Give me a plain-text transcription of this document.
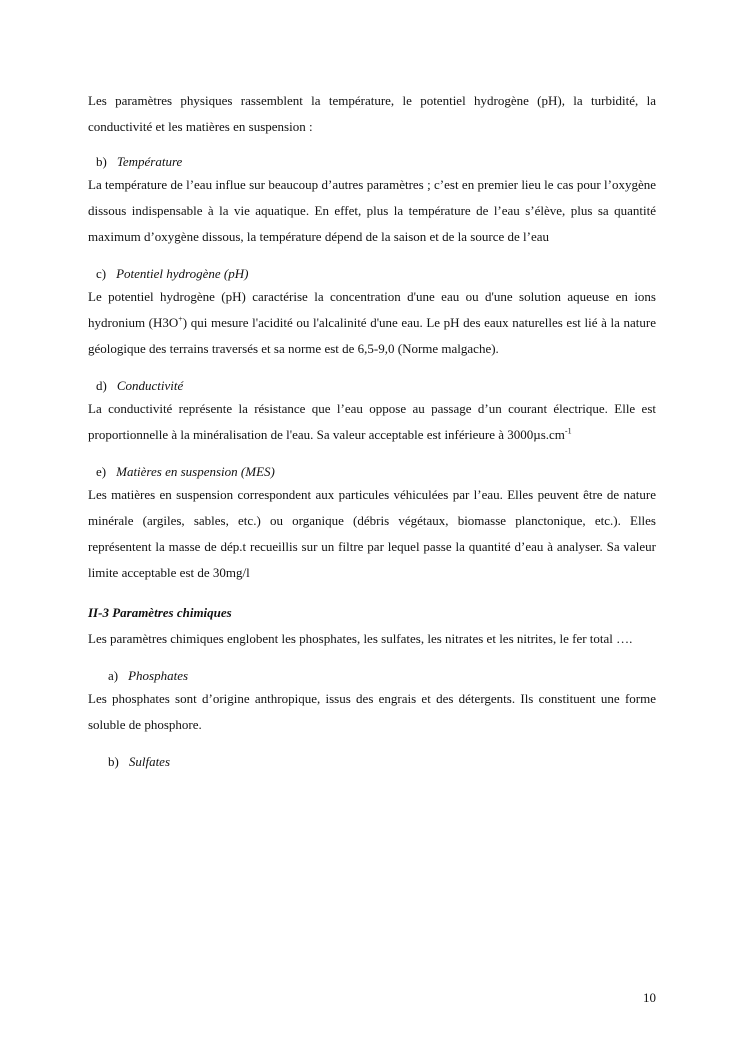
Les paramètres physiques rassemblent la température, le potentiel hydrogène (pH), la turbidité, la conductivité et les matières en suspension :

b) Température

La température de l’eau influe sur beaucoup d’autres paramètres ; c’est en premier lieu le cas pour l’oxygène dissous indispensable à la vie aquatique. En effet, plus la température de l’eau s’élève, plus sa quantité maximum d’oxygène dissous, la température dépend de la saison et de la source de l’eau

c) Potentiel hydrogène (pH)

Le potentiel hydrogène (pH) caractérise la concentration d'une eau ou d'une solution aqueuse en ions hydronium (H3O+) qui mesure l'acidité ou l'alcalinité d'une eau. Le pH des eaux naturelles est lié à la nature géologique des terrains traversés et sa norme est de 6,5-9,0 (Norme malgache).

d) Conductivité

La conductivité représente la résistance que l’eau oppose au passage d’un courant électrique. Elle est proportionnelle à la minéralisation de l'eau. Sa valeur acceptable est inférieure à $3000\mu s.cm^{-1}$

e) Matières en suspension (MES)

Les matières en suspension correspondent aux particules véhiculées par l’eau. Elles peuvent être de nature minérale (argiles, sables, etc.) ou organique (débris végétaux, biomasse planctonique, etc.). Elles représentent la masse de dép.t recueillis sur un filtre par lequel passe la quantité d’eau à analyser. Sa valeur limite acceptable est de 30mg/l

II-3 Paramètres chimiques

Les paramètres chimiques englobent les phosphates, les sulfates, les nitrates et les nitrites, le fer total ….

a) Phosphates

Les phosphates sont d’origine anthropique, issus des engrais et des détergents. Ils constituent une forme soluble de phosphore.

b) Sulfates
10
